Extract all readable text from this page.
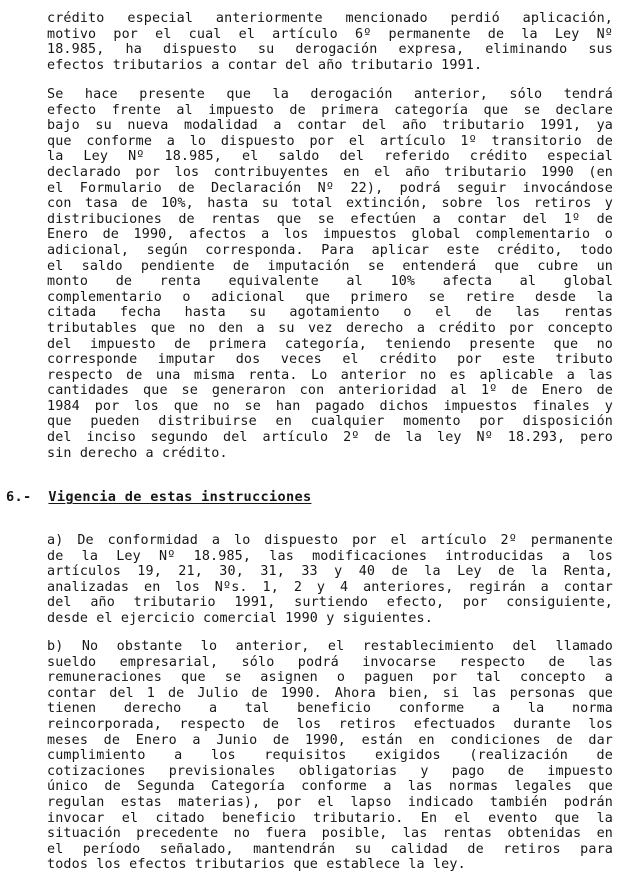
crédito especial anteriormente mencionado perdió aplicación,
motivo por el cual el artículo 6º permanente de la Ley Nº
18.985, ha dispuesto su derogación expresa, eliminando sus
efectos tributarios a contar del año tributario 1991.
Se hace presente que la derogación anterior, sólo tendrá
efecto frente al impuesto de primera categoría que se declare
bajo su nueva modalidad a contar del año tributario 1991, ya
que conforme a lo dispuesto por el artículo 1º transitorio de
la Ley Nº 18.985, el saldo del referido crédito especial
declarado por los contribuyentes en el año tributario 1990 (en
el Formulario de Declaración Nº 22), podrá seguir invocándose
con tasa de 10%, hasta su total extinción, sobre los retiros y
distribuciones de rentas que se efectúen a contar del 1º de
Enero de 1990, afectos a los impuestos global complementario o
adicional, según corresponda. Para aplicar este crédito, todo
el saldo pendiente de imputación se entenderá que cubre un
monto de renta equivalente al 10% afecta al global
complementario o adicional que primero se retire desde la
citada fecha hasta su agotamiento o el de las rentas
tributables que no den a su vez derecho a crédito por concepto
del impuesto de primera categoría, teniendo presente que no
corresponde imputar dos veces el crédito por este tributo
respecto de una misma renta. Lo anterior no es aplicable a las
cantidades que se generaron con anterioridad al 1º de Enero de
1984 por los que no se han pagado dichos impuestos finales y
que pueden distribuirse en cualquier momento por disposición
del inciso segundo del artículo 2º de la ley Nº 18.293, pero
sin derecho a crédito.
6.- Vigencia de estas instrucciones
a) De conformidad a lo dispuesto por el artículo 2º permanente
de la Ley Nº 18.985, las modificaciones introducidas a los
artículos 19, 21, 30, 31, 33 y 40 de la Ley de la Renta,
analizadas en los Nºs. 1, 2 y 4 anteriores, regirán a contar
del año tributario 1991, surtiendo efecto, por consiguiente,
desde el ejercicio comercial 1990 y siguientes.
b) No obstante lo anterior, el restablecimiento del llamado
sueldo empresarial, sólo podrá invocarse respecto de las
remuneraciones que se asignen o paguen por tal concepto a
contar del 1 de Julio de 1990. Ahora bien, si las personas que
tienen derecho a tal beneficio conforme a la norma
reincorporada, respecto de los retiros efectuados durante los
meses de Enero a Junio de 1990, están en condiciones de dar
cumplimiento a los requisitos exigidos (realización de
cotizaciones previsionales obligatorias y pago de impuesto
único de Segunda Categoría conforme a las normas legales que
regulan estas materias), por el lapso indicado también podrán
invocar el citado beneficio tributario. En el evento que la
situación precedente no fuera posible, las rentas obtenidas en
el período señalado, mantendrán su calidad de retiros para
todos los efectos tributarios que establece la ley.
